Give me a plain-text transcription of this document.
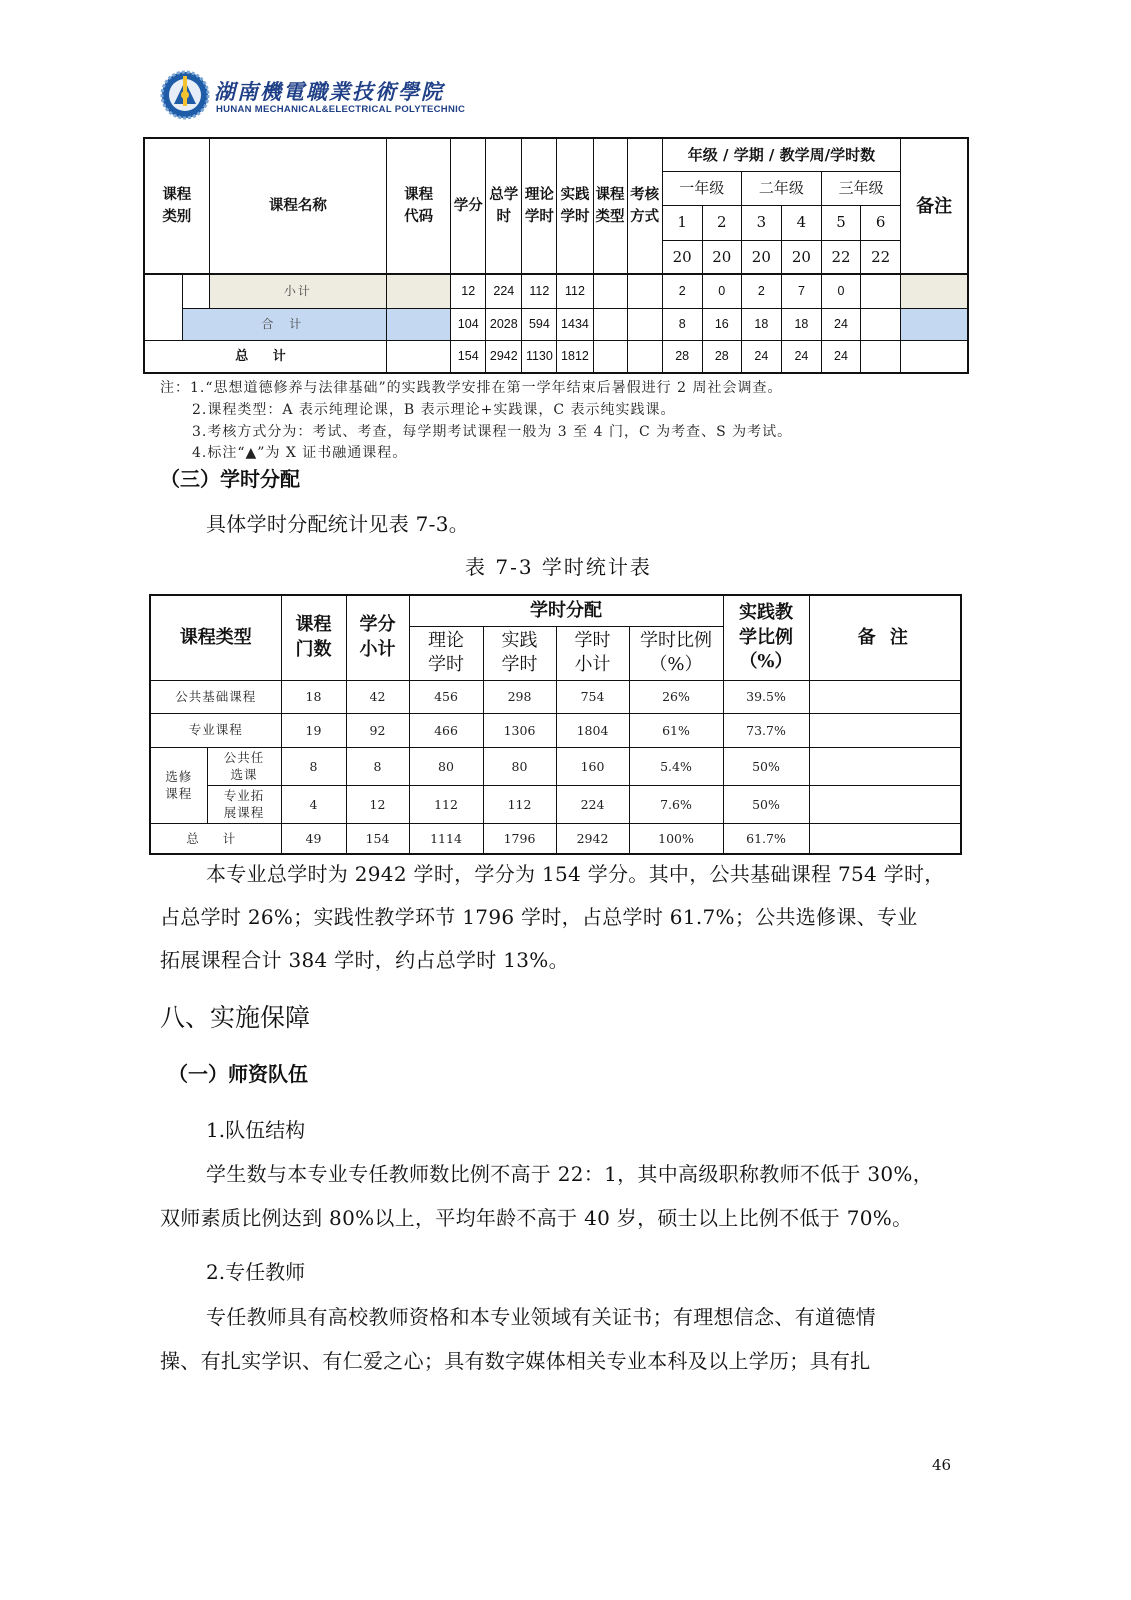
湖南機電職業技術學院
HUNAN MECHANICAL&ELECTRICAL POLYTECHNIC
课程类别		课程名称	课程代码	学分	总学时	理论学时	实践学时	课程类型	考核方式	年级 / 学期 / 教学周/学时数						备注
										一年级		二年级		三年级		
										1	2	3	4	5	6	
										20	20	20	20	22	22	
		小计		12	224	112	112			2	0	2	7	0		
	合 计			104	2028	594	1434			8	16	18	18	24		
总 计				154	2942	1130	1812			28	28	24	24	24		
注：1.“思想道德修养与法律基础”的实践教学安排在第一学年结束后暑假进行 2 周社会调查。
2.课程类型：A 表示纯理论课，B 表示理论+实践课，C 表示纯实践课。
3.考核方式分为：考试、考查，每学期考试课程一般为 3 至 4 门，C 为考查、S 为考试。
4.标注“▲”为 X 证书融通课程。
（三）学时分配
具体学时分配统计见表 7-3。
表 7-3 学时统计表
课程类型		课程门数	学分小计	学时分配				实践教学比例（%）	备 注
				理论学时	实践学时	学时小计	学时比例（%）		
公共基础课程		18	42	456	298	754	26%	39.5%	
专业课程		19	92	466	1306	1804	61%	73.7%	
选修课程	公共任选课	8	8	80	80	160	5.4%	50%	
	专业拓展课程	4	12	112	112	224	7.6%	50%	
总 计		49	154	1114	1796	2942	100%	61.7%	
本专业总学时为 2942 学时，学分为 154 学分。其中，公共基础课程 754 学时，
占总学时 26%；实践性教学环节 1796 学时，占总学时 61.7%；公共选修课、专业
拓展课程合计 384 学时，约占总学时 13%。
八、实施保障
（一）师资队伍
1.队伍结构
学生数与本专业专任教师数比例不高于 22：1，其中高级职称教师不低于 30%，
双师素质比例达到 80%以上，平均年龄不高于 40 岁，硕士以上比例不低于 70%。
2.专任教师
专任教师具有高校教师资格和本专业领域有关证书；有理想信念、有道德情
操、有扎实学识、有仁爱之心；具有数字媒体相关专业本科及以上学历；具有扎
46
